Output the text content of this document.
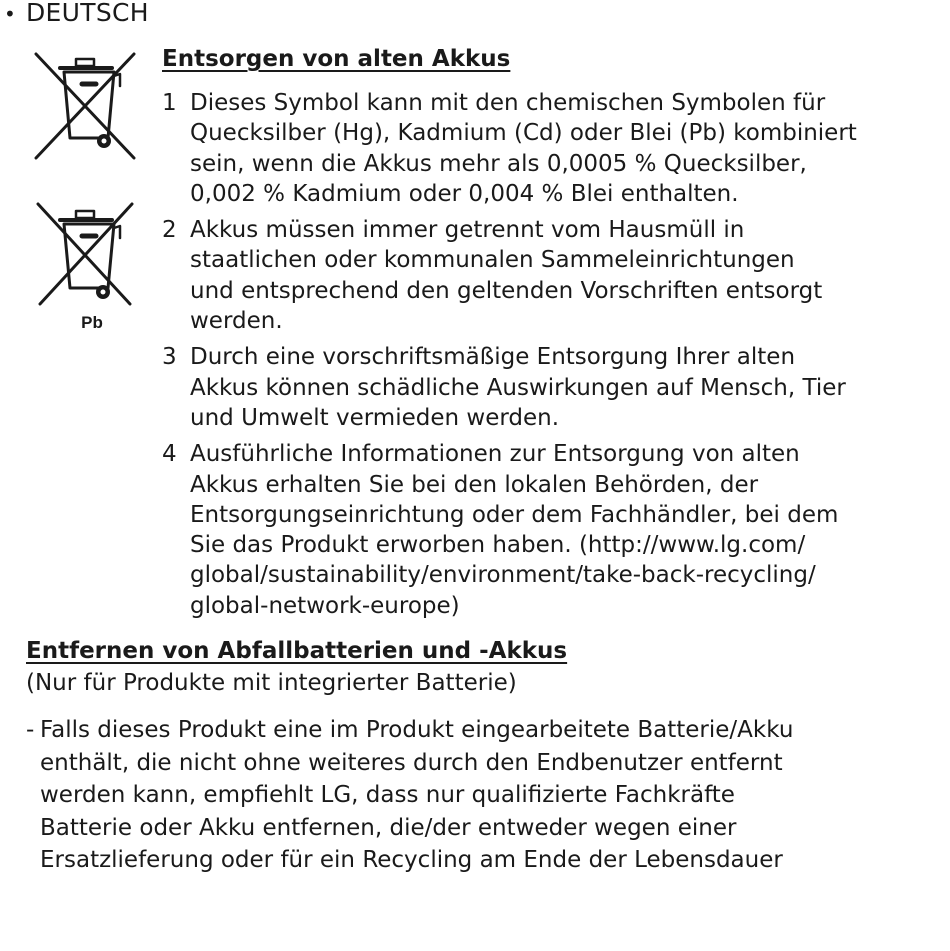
• DEUTSCH
Pb
Entsorgen von alten Akkus
1 Dieses Symbol kann mit den chemischen Symbolen für
Quecksilber (Hg), Kadmium (Cd) oder Blei (Pb) kombiniert
sein, wenn die Akkus mehr als 0,0005 % Quecksilber,
0,002 % Kadmium oder 0,004 % Blei enthalten.
2 Akkus müssen immer getrennt vom Hausmüll in
staatlichen oder kommunalen Sammeleinrichtungen
und entsprechend den geltenden Vorschriften entsorgt
werden.
3 Durch eine vorschriftsmäßige Entsorgung Ihrer alten
Akkus können schädliche Auswirkungen auf Mensch, Tier
und Umwelt vermieden werden.
4 Ausführliche Informationen zur Entsorgung von alten
Akkus erhalten Sie bei den lokalen Behörden, der
Entsorgungseinrichtung oder dem Fachhändler, bei dem
Sie das Produkt erworben haben. (http://www.lg.com/
global/sustainability/environment/take-back-recycling/
global-network-europe)
Entfernen von Abfallbatterien und -Akkus
(Nur für Produkte mit integrierter Batterie)
- Falls dieses Produkt eine im Produkt eingearbeitete Batterie/Akku
enthält, die nicht ohne weiteres durch den Endbenutzer entfernt
werden kann, empfiehlt LG, dass nur qualifizierte Fachkräfte
Batterie oder Akku entfernen, die/der entweder wegen einer
Ersatzlieferung oder für ein Recycling am Ende der Lebensdauer
